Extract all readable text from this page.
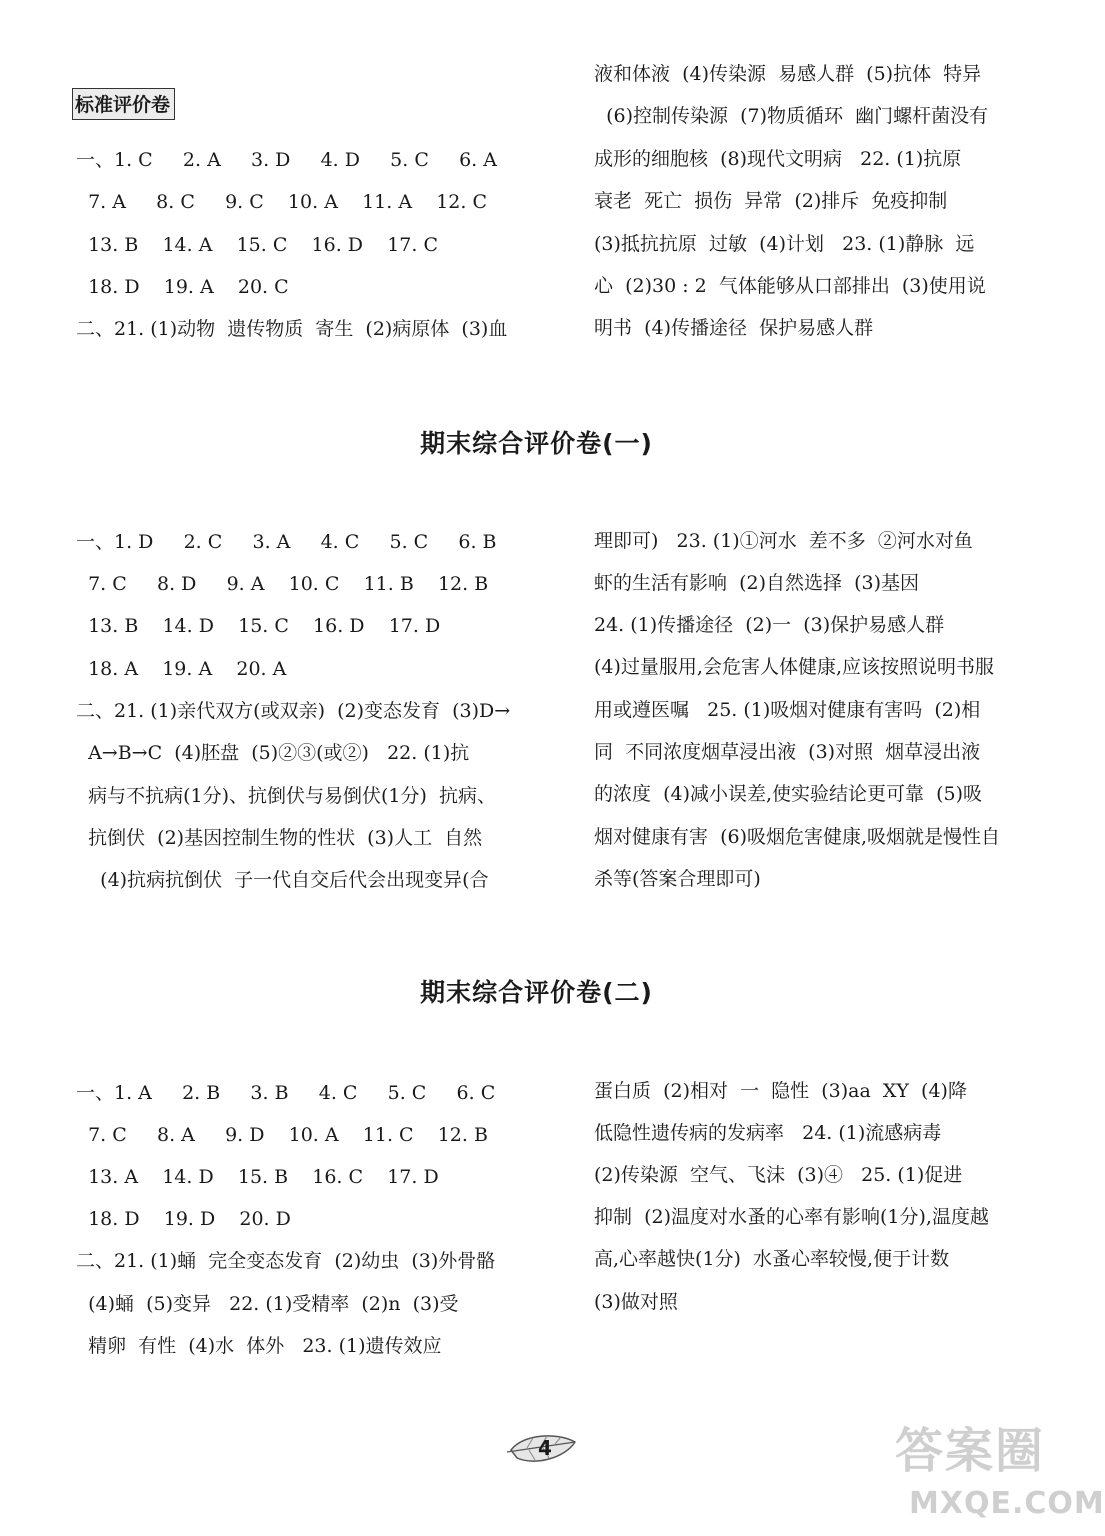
标准评价卷
一、1. C     2. A     3. D     4. D     5. C     6. A
7. A     8. C     9. C    10. A    11. A    12. C
13. B    14. A    15. C    16. D    17. C
18. D    19. A    20. C
二、21. (1)动物  遗传物质  寄生  (2)病原体  (3)血
液和体液  (4)传染源  易感人群  (5)抗体  特异
(6)控制传染源  (7)物质循环  幽门螺杆菌没有
成形的细胞核  (8)现代文明病   22. (1)抗原
衰老  死亡  损伤  异常  (2)排斥  免疫抑制
(3)抵抗抗原  过敏  (4)计划   23. (1)静脉  远
心  (2)30 : 2  气体能够从口部排出  (3)使用说
明书  (4)传播途径  保护易感人群
期末综合评价卷(一)
一、1. D     2. C     3. A     4. C     5. C     6. B
7. C     8. D     9. A    10. C    11. B    12. B
13. B    14. D    15. C    16. D    17. D
18. A    19. A    20. A
二、21. (1)亲代双方(或双亲)  (2)变态发育  (3)D→
A→B→C  (4)胚盘  (5)②③(或②)   22. (1)抗
病与不抗病(1分)、抗倒伏与易倒伏(1分)  抗病、
抗倒伏  (2)基因控制生物的性状  (3)人工  自然
(4)抗病抗倒伏  子一代自交后代会出现变异(合
理即可)   23. (1)①河水  差不多  ②河水对鱼
虾的生活有影响  (2)自然选择  (3)基因
24. (1)传播途径  (2)一  (3)保护易感人群
(4)过量服用,会危害人体健康,应该按照说明书服
用或遵医嘱   25. (1)吸烟对健康有害吗  (2)相
同  不同浓度烟草浸出液  (3)对照  烟草浸出液
的浓度  (4)减小误差,使实验结论更可靠  (5)吸
烟对健康有害  (6)吸烟危害健康,吸烟就是慢性自
杀等(答案合理即可)
期末综合评价卷(二)
一、1. A     2. B     3. B     4. C     5. C     6. C
7. C     8. A     9. D    10. A    11. C    12. B
13. A    14. D    15. B    16. C    17. D
18. D    19. D    20. D
二、21. (1)蛹  完全变态发育  (2)幼虫  (3)外骨骼
(4)蛹  (5)变异   22. (1)受精率  (2)n  (3)受
精卵  有性  (4)水  体外   23. (1)遗传效应
蛋白质  (2)相对  一  隐性  (3)aa  XY  (4)降
低隐性遗传病的发病率   24. (1)流感病毒
(2)传染源  空气、飞沫  (3)④   25. (1)促进
抑制  (2)温度对水蚤的心率有影响(1分),温度越
高,心率越快(1分)  水蚤心率较慢,便于计数
(3)做对照
4	答案圈
MXQE.COM
